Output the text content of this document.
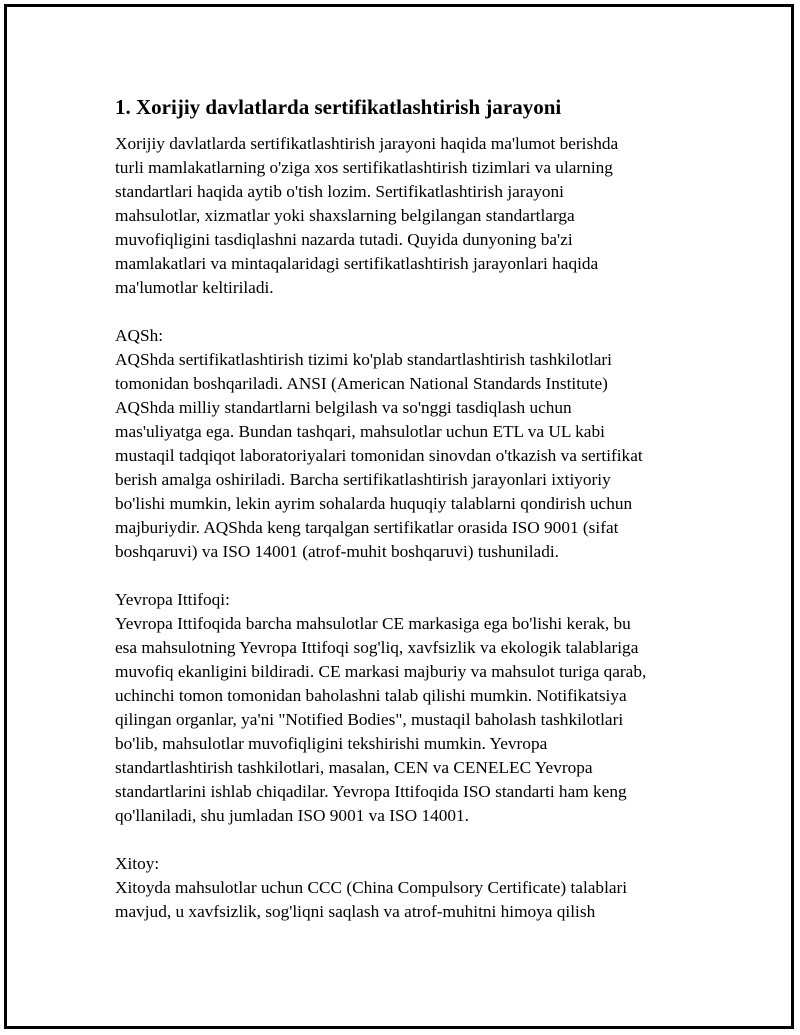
1. Xorijiy davlatlarda sertifikatlashtirish jarayoni
Xorijiy davlatlarda sertifikatlashtirish jarayoni haqida ma'lumot berishda
turli mamlakatlarning o'ziga xos sertifikatlashtirish tizimlari va ularning
standartlari haqida aytib o'tish lozim. Sertifikatlashtirish jarayoni
mahsulotlar, xizmatlar yoki shaxslarning belgilangan standartlarga
muvofiqligini tasdiqlashni nazarda tutadi. Quyida dunyoning ba'zi
mamlakatlari va mintaqalaridagi sertifikatlashtirish jarayonlari haqida
ma'lumotlar keltiriladi.
AQSh:
AQShda sertifikatlashtirish tizimi ko'plab standartlashtirish tashkilotlari
tomonidan boshqariladi. ANSI (American National Standards Institute)
AQShda milliy standartlarni belgilash va so'nggi tasdiqlash uchun
mas'uliyatga ega. Bundan tashqari, mahsulotlar uchun ETL va UL kabi
mustaqil tadqiqot laboratoriyalari tomonidan sinovdan o'tkazish va sertifikat
berish amalga oshiriladi. Barcha sertifikatlashtirish jarayonlari ixtiyoriy
bo'lishi mumkin, lekin ayrim sohalarda huquqiy talablarni qondirish uchun
majburiydir. AQShda keng tarqalgan sertifikatlar orasida ISO 9001 (sifat
boshqaruvi) va ISO 14001 (atrof-muhit boshqaruvi) tushuniladi.
Yevropa Ittifoqi:
Yevropa Ittifoqida barcha mahsulotlar CE markasiga ega bo'lishi kerak, bu
esa mahsulotning Yevropa Ittifoqi sog'liq, xavfsizlik va ekologik talablariga
muvofiq ekanligini bildiradi. CE markasi majburiy va mahsulot turiga qarab,
uchinchi tomon tomonidan baholashni talab qilishi mumkin. Notifikatsiya
qilingan organlar, ya'ni "Notified Bodies", mustaqil baholash tashkilotlari
bo'lib, mahsulotlar muvofiqligini tekshirishi mumkin. Yevropa
standartlashtirish tashkilotlari, masalan, CEN va CENELEC Yevropa
standartlarini ishlab chiqadilar. Yevropa Ittifoqida ISO standarti ham keng
qo'llaniladi, shu jumladan ISO 9001 va ISO 14001.
Xitoy:
Xitoyda mahsulotlar uchun CCC (China Compulsory Certificate) talablari
mavjud, u xavfsizlik, sog'liqni saqlash va atrof-muhitni himoya qilish
